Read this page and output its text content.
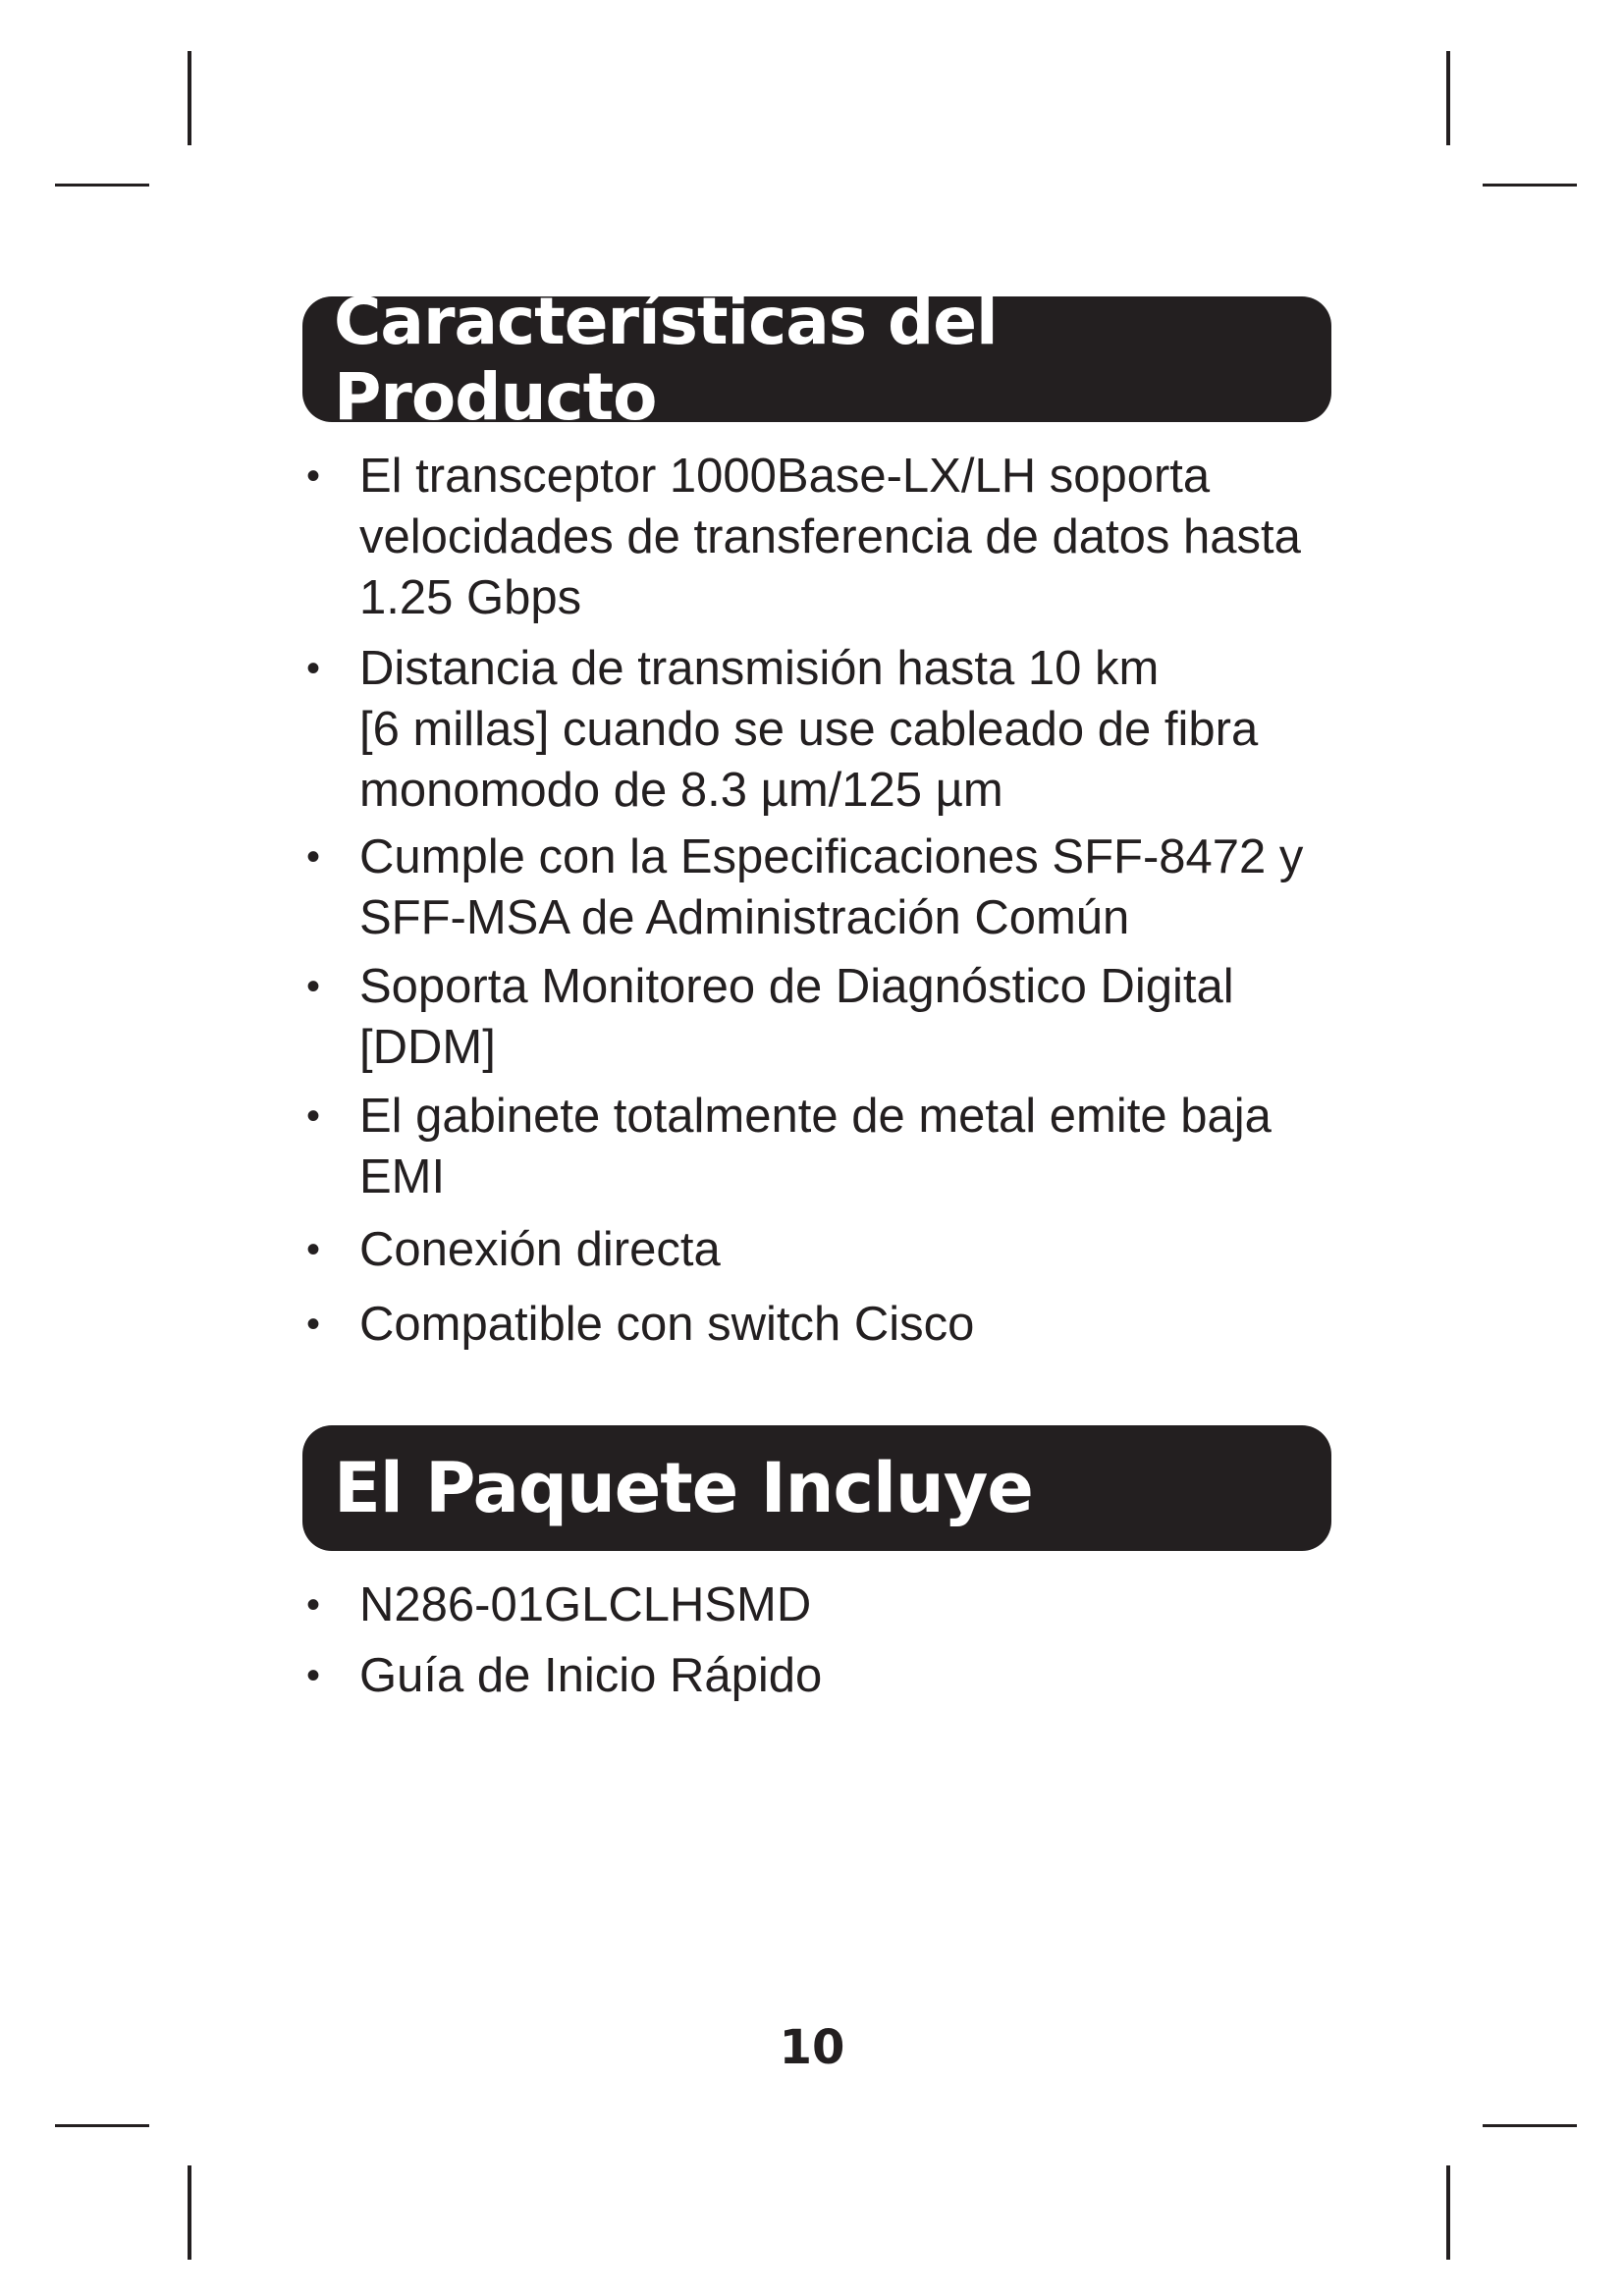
Características del Producto
• El transceptor 1000Base-LX/LH soporta
velocidades de transferencia de datos hasta
1.25 Gbps
• Distancia de transmisión hasta 10 km
[6 millas] cuando se use cableado de fibra
monomodo de 8.3 µm/125 µm
• Cumple con la Especificaciones SFF-8472 y
SFF-MSA de Administración Común
• Soporta Monitoreo de Diagnóstico Digital
[DDM]
• El gabinete totalmente de metal emite baja
EMI
• Conexión directa
• Compatible con switch Cisco
El Paquete Incluye
• N286-01GLCLHSMD
• Guía de Inicio Rápido
10
